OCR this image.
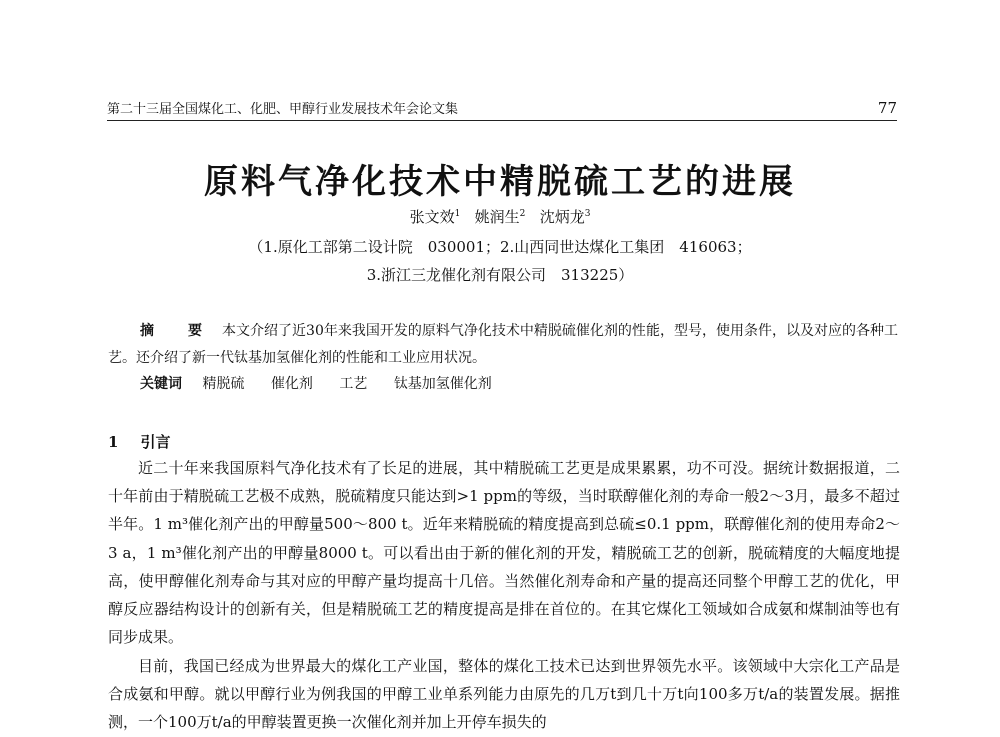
第二十三届全国煤化工、化肥、甲醇行业发展技术年会论文集	77
原料气净化技术中精脱硫工艺的进展
张文效$^1$ 姚润生$^2$ 沈炳龙$^3$
（1.原化工部第二设计院　030001；2.山西同世达煤化工集团　416063；
3.浙江三龙催化剂有限公司　313225）
摘　要 本文介绍了近30年来我国开发的原料气净化技术中精脱硫催化剂的性能，型号，使用条件，以及对应的各种工艺。还介绍了新一代钛基加氢催化剂的性能和工业应用状况。
关键词 精脱硫 催化剂 工艺 钛基加氢催化剂
1 引言

近二十年来我国原料气净化技术有了长足的进展，其中精脱硫工艺更是成果累累，功不可没。据统计数据报道，二十年前由于精脱硫工艺极不成熟，脱硫精度只能达到>1 ppm的等级，当时联醇催化剂的寿命一般2～3月，最多不超过半年。1 m³催化剂产出的甲醇量500～800 t。近年来精脱硫的精度提高到总硫≤0.1 ppm，联醇催化剂的使用寿命2～3 a，1 m³催化剂产出的甲醇量8000 t。可以看出由于新的催化剂的开发，精脱硫工艺的创新，脱硫精度的大幅度地提高，使甲醇催化剂寿命与其对应的甲醇产量均提高十几倍。当然催化剂寿命和产量的提高还同整个甲醇工艺的优化，甲醇反应器结构设计的创新有关，但是精脱硫工艺的精度提高是排在首位的。在其它煤化工领域如合成氨和煤制油等也有同步成果。

目前，我国已经成为世界最大的煤化工产业国，整体的煤化工技术已达到世界领先水平。该领域中大宗化工产品是合成氨和甲醇。就以甲醇行业为例我国的甲醇工业单系列能力由原先的几万t到几十万t向100多万t/a的装置发展。据推测，一个100万t/a的甲醇装置更换一次催化剂并加上开停车损失的
